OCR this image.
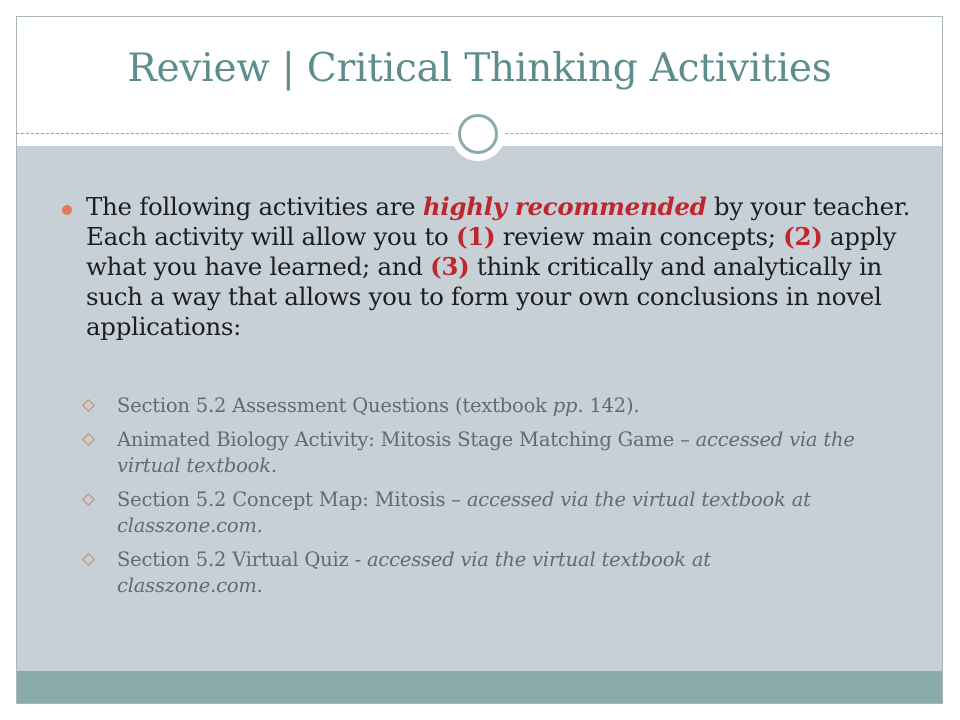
Review | Critical Thinking Activities
The following activities are highly recommended by your teacher. Each activity will allow you to (1) review main concepts; (2) apply what you have learned; and (3) think critically and analytically in such a way that allows you to form your own conclusions in novel applications:
Section 5.2 Assessment Questions (textbook pp. 142).
Animated Biology Activity: Mitosis Stage Matching Game – accessed via the virtual textbook.
Section 5.2 Concept Map: Mitosis – accessed via the virtual textbook at classzone.com.
Section 5.2 Virtual Quiz - accessed via the virtual textbook at classzone.com.
